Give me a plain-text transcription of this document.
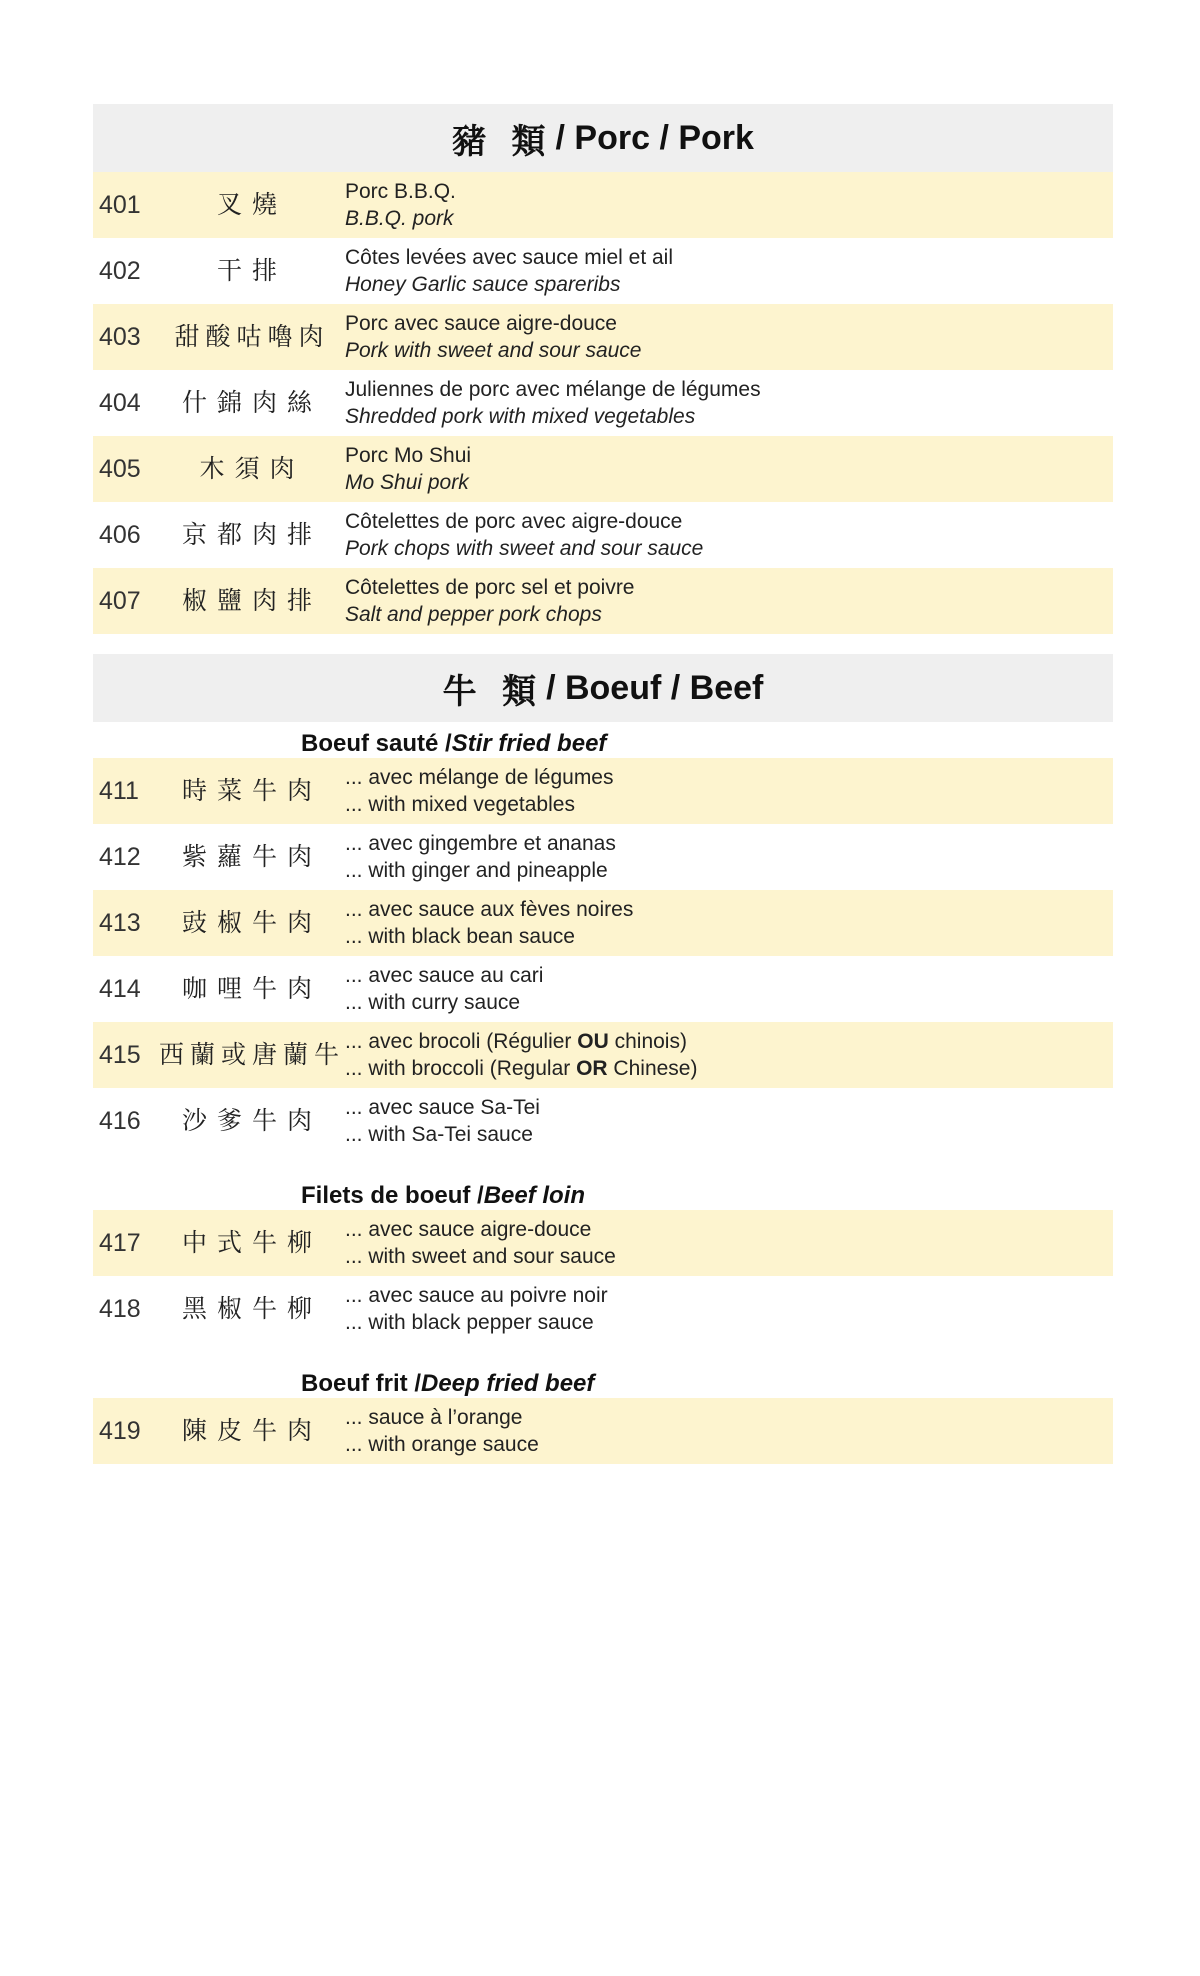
豬 類 / Porc / Pork
401	叉燒	Porc B.B.Q.
B.B.Q. pork
402	干排	Côtes levées avec sauce miel et ail
Honey Garlic sauce spareribs
403	甜酸咕嚕肉 Porc avec sauce aigre-douce
Pork with sweet and sour sauce
404	什錦肉絲	Juliennes de porc avec mélange de légumes
Shredded pork with mixed vegetables
405	木須肉	Porc Mo Shui
Mo Shui pork
406	京都肉排	Côtelettes de porc avec aigre-douce
Pork chops with sweet and sour sauce
407	椒鹽肉排	Côtelettes de porc sel et poivre
Salt and pepper pork chops
牛 類 / Boeuf / Beef
Boeuf sauté / Stir fried beef
411	時菜牛肉	... avec mélange de légumes
... with mixed vegetables
412	紫蘿牛肉	... avec gingembre et ananas
... with ginger and pineapple
413	豉椒牛肉	... avec sauce aux fèves noires
... with black bean sauce
414	咖哩牛肉	... avec sauce au cari
... with curry sauce
415 西蘭或唐蘭牛 ... avec brocoli (Régulier OU chinois)
... with broccoli (Regular OR Chinese)
416	沙爹牛肉	... avec sauce Sa-Tei
... with Sa-Tei sauce
Filets de boeuf / Beef loin
417	中式牛柳	... avec sauce aigre-douce
... with sweet and sour sauce
418	黑椒牛柳	... avec sauce au poivre noir
... with black pepper sauce
Boeuf frit / Deep fried beef
419	陳皮牛肉	... sauce à l’orange
... with orange sauce
